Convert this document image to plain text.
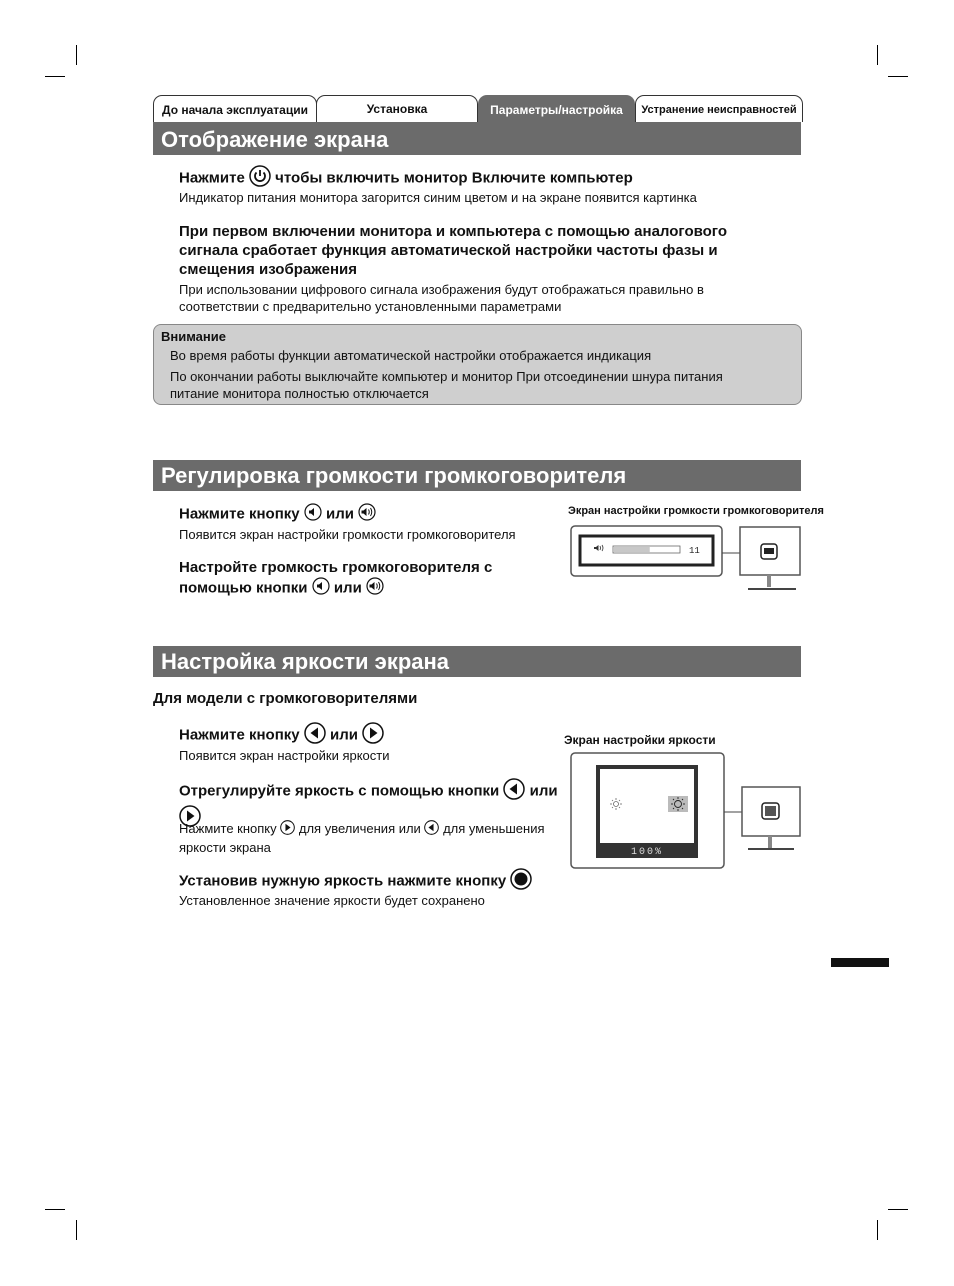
До начала эксплуатации	Установка	Параметры/настройка	Устранение неисправностей
Отображение экрана
Нажмите чтобы включить монитор Включите компьютер
Индикатор питания монитора загорится синим цветом и на экране появится картинка
При первом включении монитора и компьютера с помощью аналогового сигнала сработает функция автоматической настройки частоты фазы и смещения изображения
При использовании цифрового сигнала изображения будут отображаться правильно в соответствии с предварительно установленными параметрами
Внимание
Во время работы функции автоматической настройки отображается индикация
По окончании работы выключайте компьютер и монитор При отсоединении шнура питания питание монитора полностью отключается
Регулировка громкости громкоговорителя
Нажмите кнопку или
Появится экран настройки громкости громкоговорителя
Настройте громкость громкоговорителя с
помощью кнопки или
Экран настройки громкости громкоговорителя
11
Настройка яркости экрана
Для модели с громкоговорителями
Нажмите кнопку или
Появится экран настройки яркости
Отрегулируйте яркость с помощью кнопки или
Нажмите кнопку для увеличения или для уменьшения
яркости экрана
Установив нужную яркость нажмите кнопку
Установленное значение яркости будет сохранено
Экран настройки яркости
100%
